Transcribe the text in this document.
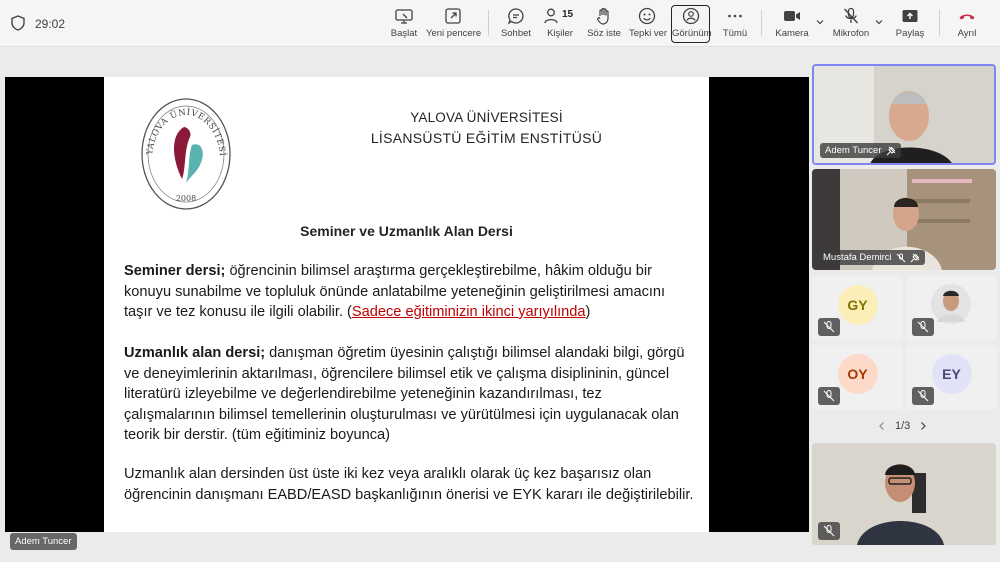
29:02
Başlat Yeni pencere Sohbet
15
Kişiler	Söz iste Tepki ver Görünüm Tümü	Kamera	Mikrofon	Paylaş	Ayrıl
YALOVA ÜNİVERSİTESİ
2008
YALOVA ÜNİVERSİTESİ
LİSANSÜSTÜ EĞİTİM ENSTİTÜSÜ
Seminer ve Uzmanlık Alan Dersi
Seminer dersi; öğrencinin bilimsel araştırma gerçekleştirebilme, hâkim olduğu bir konuyu sunabilme ve topluluk önünde anlatabilme yeteneğinin geliştirilmesi amacını taşır ve tez konusu ile ilgili olabilir. (Sadece eğitiminizin ikinci yarıyılında)
Uzmanlık alan dersi; danışman öğretim üyesinin çalıştığı bilimsel alandaki bilgi, görgü ve deneyimlerinin aktarılması, öğrencilere bilimsel etik ve çalışma disiplininin, güncel literatürü izleyebilme ve değerlendirebilme yeteneğinin kazandırılması, tez çalışmalarının bilimsel temellerinin oluşturulması ve yürütülmesi için uygulanacak olan teorik bir derstir. (tüm eğitiminiz boyunca)
Uzmanlık alan dersinden üst üste iki kez veya aralıklı olarak üç kez başarısız olan öğrencinin danışmanı EABD/EASD başkanlığının önerisi ve EYK kararı ile değiştirilebilir.
Adem Tuncer
Adem Tuncer
Mustafa Demirci
GY
OY	EY
1/3
